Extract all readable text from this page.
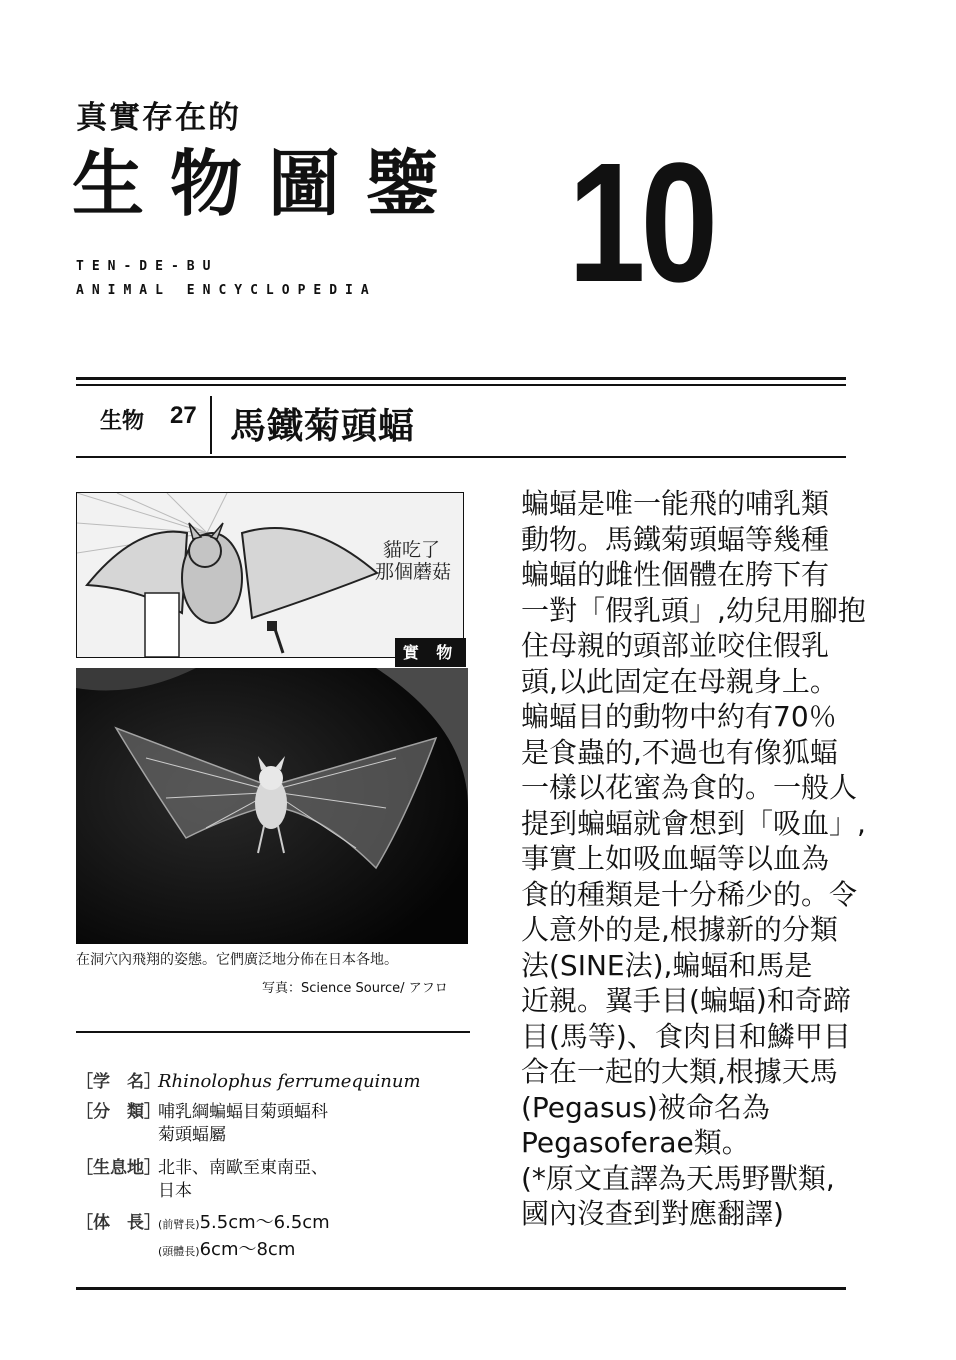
真實存在的
生物圖鑒 10
TEN-DE-BU
ANIMAL ENCYCLOPEDIA
生物 27 馬鐵菊頭蝠
貓吃了
那個蘑菇
實 物
在洞穴內飛翔的姿態。它們廣泛地分佈在日本各地。
写真：Science Source/ アフロ
［学　名］Rhinolophus ferrumequinum
［分　類］哺乳綱蝙蝠目菊頭蝠科
菊頭蝠屬
［生息地］北非、南歐至東南亞、
日本
［体　長］(前臂長)5.5cm～6.5cm
(頭體長)6cm～8cm
蝙蝠是唯一能飛的哺乳類
動物。馬鐵菊頭蝠等幾種
蝙蝠的雌性個體在胯下有
一對「假乳頭」,幼兒用腳抱
住母親的頭部並咬住假乳
頭,以此固定在母親身上。
蝙蝠目的動物中約有70％
是食蟲的,不過也有像狐蝠
一樣以花蜜為食的。一般人
提到蝙蝠就會想到「吸血」,
事實上如吸血蝠等以血為
食的種類是十分稀少的。令
人意外的是,根據新的分類
法(SINE法),蝙蝠和馬是
近親。翼手目(蝙蝠)和奇蹄
目(馬等)、食肉目和鱗甲目
合在一起的大類,根據天馬
(Pegasus)被命名為
Pegasoferae類。
(*原文直譯為天馬野獸類,
國內沒查到對應翻譯)
